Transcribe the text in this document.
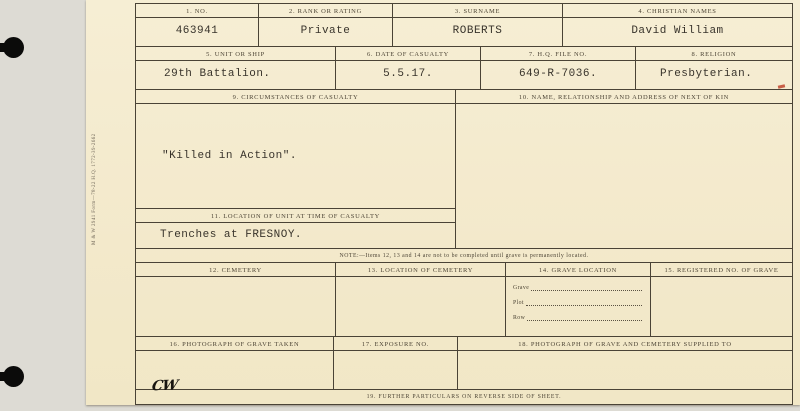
M & W 2941 Form—78-22 H.Q. 1772-39-2662
1. NO.
463941
2. RANK OR RATING
Private
3. SURNAME
ROBERTS
4. CHRISTIAN NAMES
David William
5. UNIT OR SHIP
29th Battalion.
6. DATE OF CASUALTY
5.5.17.
7. H.Q. FILE NO.
649-R-7036.
8. RELIGION
Presbyterian.
9. CIRCUMSTANCES OF CASUALTY
"Killed in Action".
11. LOCATION OF UNIT AT TIME OF CASUALTY
Trenches at FRESNOY.
10. NAME, RELATIONSHIP AND ADDRESS OF NEXT OF KIN
NOTE:—Items 12, 13 and 14 are not to be completed until grave is permanently located.
12. CEMETERY	13. LOCATION OF CEMETERY	14. GRAVE LOCATION
Grave
Plot
Row
15. REGISTERED NO. OF GRAVE
16. PHOTOGRAPH OF GRAVE TAKEN	17. EXPOSURE NO.	18. PHOTOGRAPH OF GRAVE AND CEMETERY SUPPLIED TO
19. FURTHER PARTICULARS ON REVERSE SIDE OF SHEET.
CW
